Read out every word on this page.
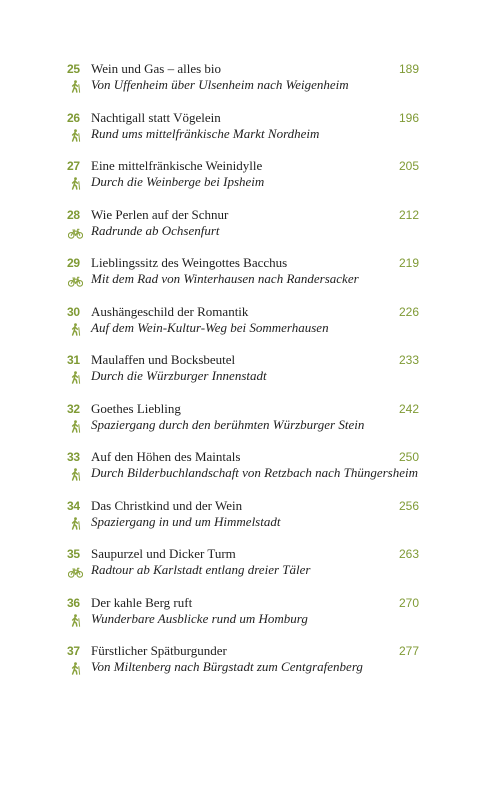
25 Wein und Gas – alles bio
Von Uffenheim über Ulsenheim nach Weigenheim
189
26 Nachtigall statt Vögelein
Rund ums mittelfränkische Markt Nordheim
196
27 Eine mittelfränkische Weinidylle
Durch die Weinberge bei Ipsheim
205
28 Wie Perlen auf der Schnur
Radrunde ab Ochsenfurt
212
29 Lieblingssitz des Weingottes Bacchus
Mit dem Rad von Winterhausen nach Randersacker
219
30 Aushängeschild der Romantik
Auf dem Wein-Kultur-Weg bei Sommerhausen
226
31 Maulaffen und Bocksbeutel
Durch die Würzburger Innenstadt
233
32 Goethes Liebling
Spaziergang durch den berühmten Würzburger Stein
242
33 Auf den Höhen des Maintals
Durch Bilderbuchlandschaft von Retzbach nach Thüngersheim
250
34 Das Christkind und der Wein
Spaziergang in und um Himmelstadt
256
35 Saupurzel und Dicker Turm
Radtour ab Karlstadt entlang dreier Täler
263
36 Der kahle Berg ruft
Wunderbare Ausblicke rund um Homburg
270
37 Fürstlicher Spätburgunder
Von Miltenberg nach Bürgstadt zum Centgrafenberg
277
